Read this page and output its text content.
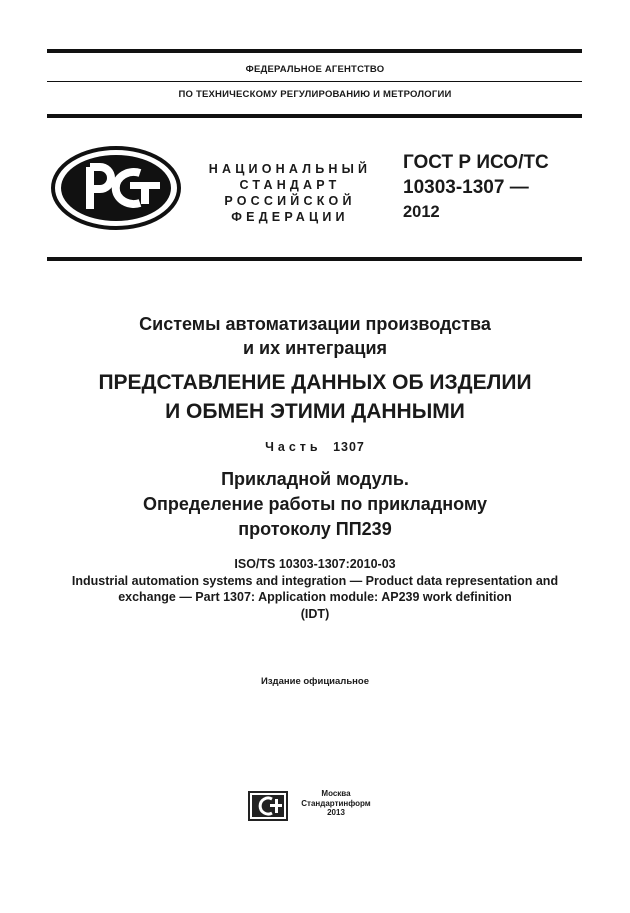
ФЕДЕРАЛЬНОЕ АГЕНТСТВО
ПО ТЕХНИЧЕСКОМУ РЕГУЛИРОВАНИЮ И МЕТРОЛОГИИ
НАЦИОНАЛЬНЫЙ
СТАНДАРТ
РОССИЙСКОЙ
ФЕДЕРАЦИИ
ГОСТ Р ИСО/ТС
10303-1307 —
2012
Системы автоматизации производства
и их интеграция
ПРЕДСТАВЛЕНИЕ ДАННЫХ ОБ ИЗДЕЛИИ
И ОБМЕН ЭТИМИ ДАННЫМИ
Часть 1307
Прикладной модуль.
Определение работы по прикладному
протоколу ПП239
ISO/TS 10303-1307:2010-03
Industrial automation systems and integration — Product data representation and
exchange — Part 1307: Application module: AP239 work definition
(IDT)
Издание официальное
Москва
Стандартинформ
2013
